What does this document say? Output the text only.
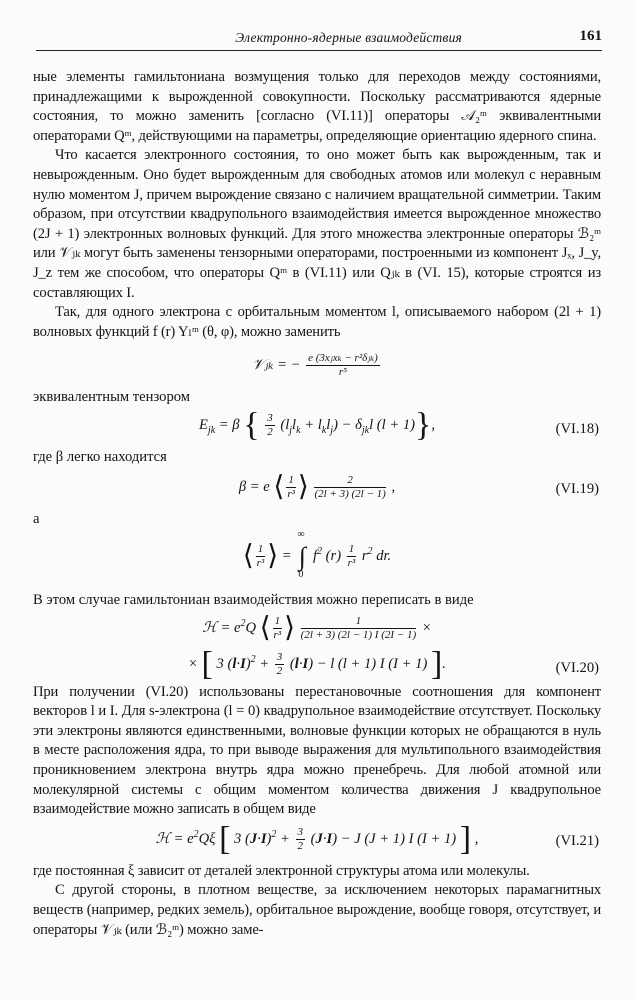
Электронно-ядерные взаимодействия	161

ные элементы гамильтониана возмущения только для переходов между состояниями, принадлежащими к вырожденной совокупности. Поскольку рассматриваются ядерные состояния, то можно заменить [согласно (VI.11)] операторы 𝒜₂ᵐ эквивалентными операторами Qᵐ, действующими на параметры, определяющие ориентацию ядерного спина.

Что касается электронного состояния, то оно может быть как вырожденным, так и невырожденным. Оно будет вырожденным для свободных атомов или молекул с неравным нулю моментом J, причем вырождение связано с наличием вращательной симметрии. Таким образом, при отсутствии квадрупольного взаимодействия имеется вырожденное множество (2J + 1) электронных волновых функций. Для этого множества электронные операторы ℬ₂ᵐ или 𝒱ⱼₖ могут быть заменены тензорными операторами, построенными из компонент Jₓ, J_y, J_z тем же способом, что операторы Qᵐ в (VI.11) или Qⱼₖ в (VI. 15), которые строятся из составляющих I.

Так, для одного электрона с орбитальным моментом l, описываемого набором (2l + 1) волновых функций f (r) Yₗᵐ (θ, φ), можно заменить

𝒱ⱼₖ = − $\frac{\text{e (3xⱼxₖ − r²δⱼₖ)}}{\text{r⁵}}$

эквивалентным тензором

$E_{jk} = \beta$ { $\frac{3}{2} (l_jl_k + l_kl_j) - \delta_{jk}l$ (l + 1)},	(VI.18)

где β легко находится

β = e ⟨ $\frac{1}{\text{r³}}$ ⟩ $\frac{2}{(2l + 3) (2l - 1)}$ ,	(VI.19)

а

⟨ $\frac{1}{\text{r³}}$ ⟩ =
∞
∫
0
$f^2$ $(r) \frac{1}{\text{r³}} r^2$ dr.

В этом случае гамильтониан взаимодействия можно переписать в виде

ℋ = $e^2Q$ ⟨ $\frac{1}{\text{r³}}$ ⟩ $\frac{1}{(2l + 3) (2l - 1) I (2I - 1)}$ ×
× [ 3 $(l\cdot I)^2 + \frac{3}{2} (l\cdot I) - l$ (l + 1) I (I + 1) ].	(VI.20)

При получении (VI.20) использованы перестановочные соотношения для компонент векторов l и I. Для s-электрона (l = 0) квадрупольное взаимодействие отсутствует. Поскольку эти электроны являются единственными, волновые функции которых не обращаются в нуль в месте расположения ядра, то при выводе выражения для мультипольного взаимодействия проникновением электрона внутрь ядра можно пренебречь. Для любой атомной или молекулярной системы с общим моментом количества движения J квадрупольное взаимодействие можно записать в общем виде

ℋ = $e^2Q\xi$ [ 3 $(J\cdot I)^2 + \frac{3}{2} (J\cdot I) - J$ (J + 1) I (I + 1) ] ,	(VI.21)

где постоянная ξ зависит от деталей электронной структуры атома или молекулы.

С другой стороны, в плотном веществе, за исключением некоторых парамагнитных веществ (например, редких земель), орбитальное вырождение, вообще говоря, отсутствует, и операторы 𝒱ⱼₖ (или ℬ₂ᵐ) можно заме-
